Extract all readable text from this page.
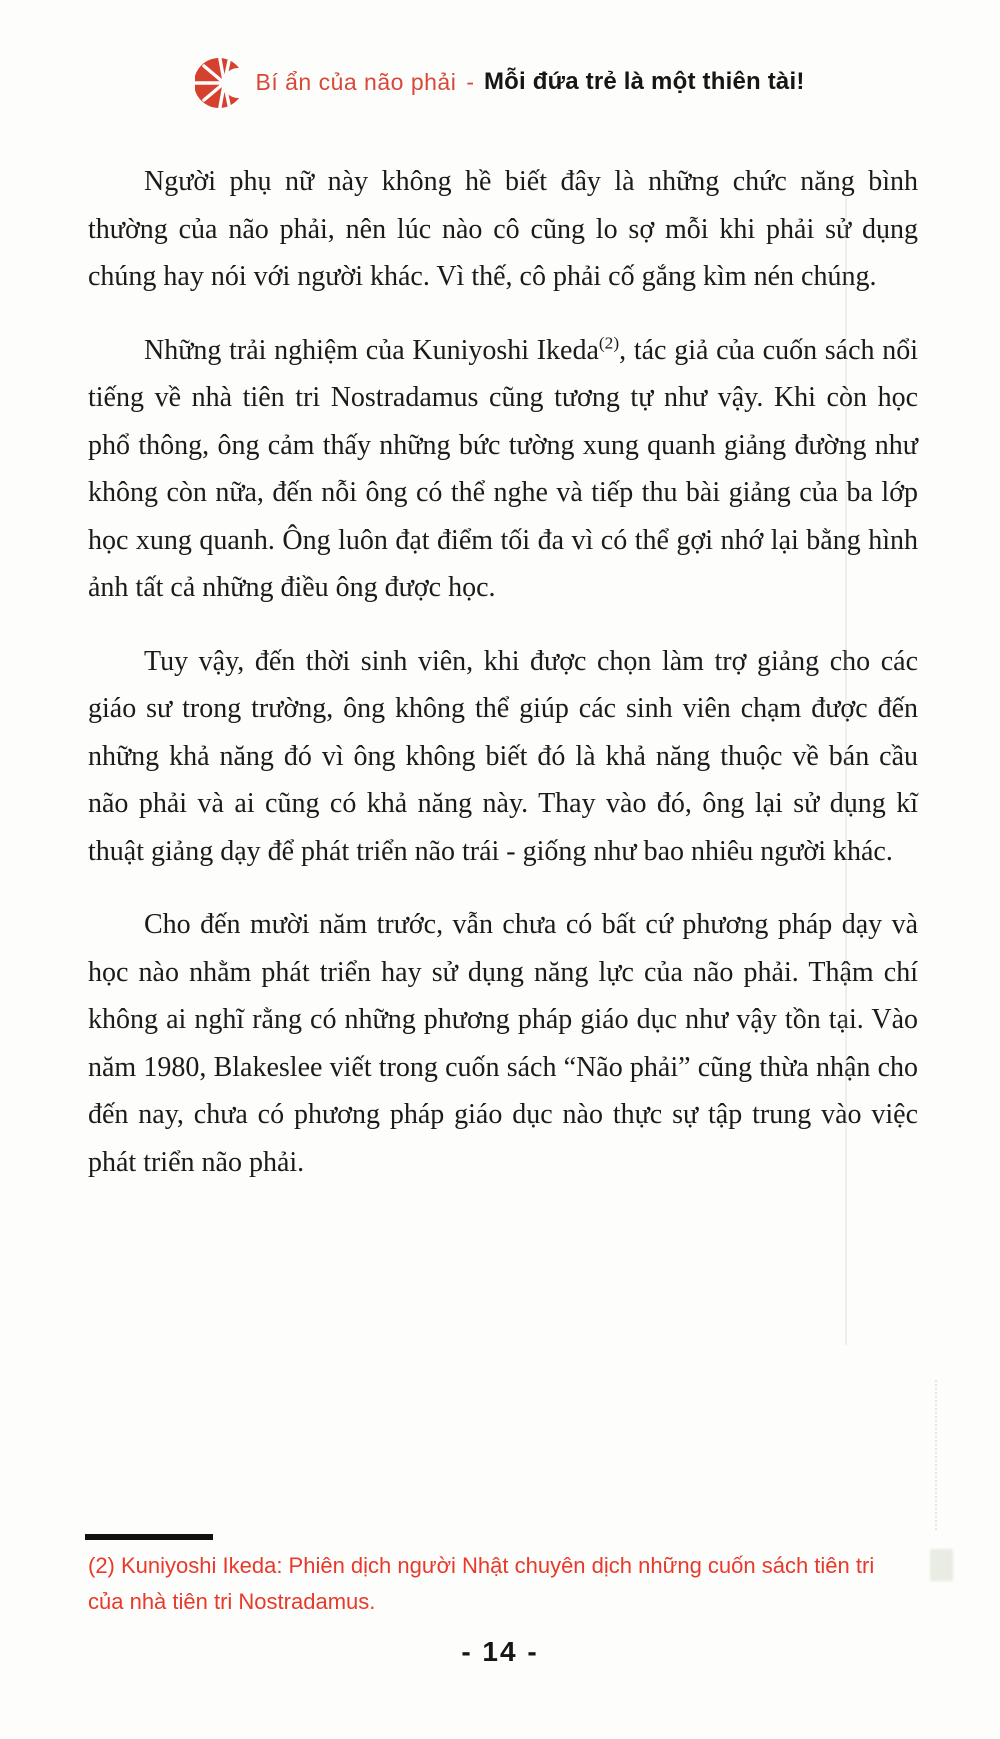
Bí ẩn của não phải - Mỗi đứa trẻ là một thiên tài!

Người phụ nữ này không hề biết đây là những chức năng bình thường của não phải, nên lúc nào cô cũng lo sợ mỗi khi phải sử dụng chúng hay nói với người khác. Vì thế, cô phải cố gắng kìm nén chúng.

Những trải nghiệm của Kuniyoshi Ikeda$^{(2)}$, tác giả của cuốn sách nổi tiếng về nhà tiên tri Nostradamus cũng tương tự như vậy. Khi còn học phổ thông, ông cảm thấy những bức tường xung quanh giảng đường như không còn nữa, đến nỗi ông có thể nghe và tiếp thu bài giảng của ba lớp học xung quanh. Ông luôn đạt điểm tối đa vì có thể gợi nhớ lại bằng hình ảnh tất cả những điều ông được học.

Tuy vậy, đến thời sinh viên, khi được chọn làm trợ giảng cho các giáo sư trong trường, ông không thể giúp các sinh viên chạm được đến những khả năng đó vì ông không biết đó là khả năng thuộc về bán cầu não phải và ai cũng có khả năng này. Thay vào đó, ông lại sử dụng kĩ thuật giảng dạy để phát triển não trái - giống như bao nhiêu người khác.

Cho đến mười năm trước, vẫn chưa có bất cứ phương pháp dạy và học nào nhằm phát triển hay sử dụng năng lực của não phải. Thậm chí không ai nghĩ rằng có những phương pháp giáo dục như vậy tồn tại. Vào năm 1980, Blakeslee viết trong cuốn sách “Não phải” cũng thừa nhận cho đến nay, chưa có phương pháp giáo dục nào thực sự tập trung vào việc phát triển não phải.

(2) Kuniyoshi Ikeda: Phiên dịch người Nhật chuyên dịch những cuốn sách tiên tri của nhà tiên tri Nostradamus.
- 14 -
